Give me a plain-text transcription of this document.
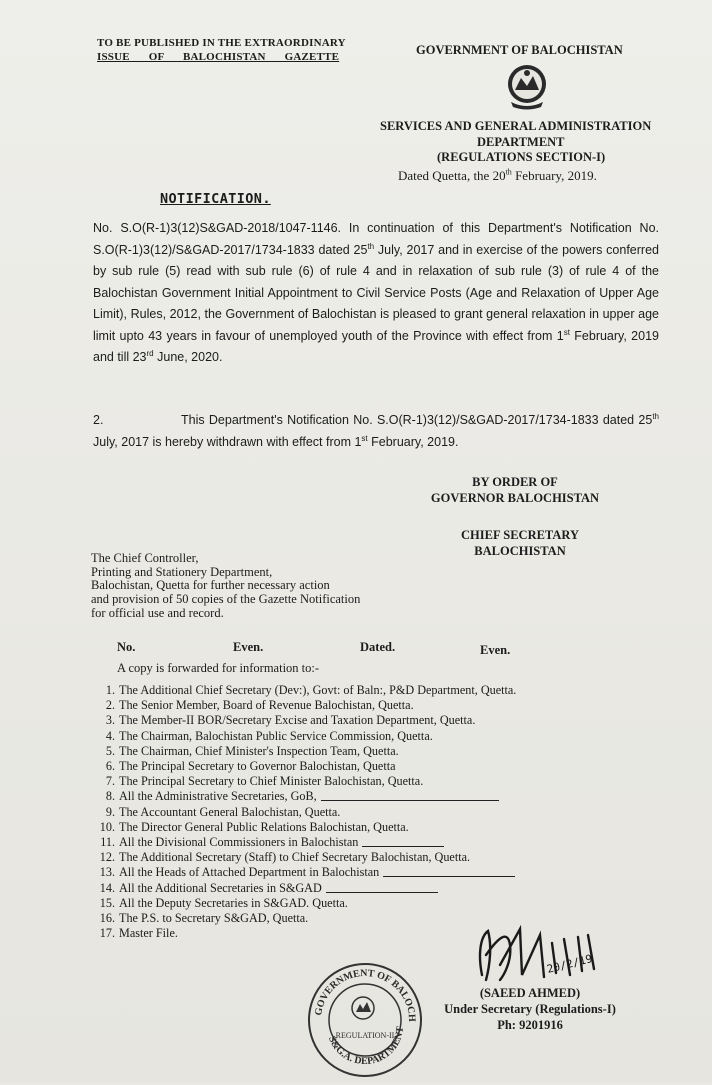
TO BE PUBLISHED IN THE EXTRAORDINARY
ISSUE OF BALOCHISTAN GAZETTE	GOVERNMENT OF BALOCHISTAN
SERVICES AND GENERAL ADMINISTRATION
DEPARTMENT
(REGULATIONS SECTION-I)
Dated Quetta, the 20th February, 2019.
NOTIFICATION.
No. S.O(R-1)3(12)S&GAD-2018/1047-1146. In continuation of this Department's Notification No. S.O(R-1)3(12)/S&GAD-2017/1734-1833 dated 25th July, 2017 and in exercise of the powers conferred by sub rule (5) read with sub rule (6) of rule 4 and in relaxation of sub rule (3) of rule 4 of the Balochistan Government Initial Appointment to Civil Service Posts (Age and Relaxation of Upper Age Limit), Rules, 2012, the Government of Balochistan is pleased to grant general relaxation in upper age limit upto 43 years in favour of unemployed youth of the Province with effect from 1st February, 2019 and till 23rd June, 2020.
2.	This Department's Notification No. S.O(R-1)3(12)/S&GAD-2017/1734-1833 dated 25th July, 2017 is hereby withdrawn with effect from 1st February, 2019.
BY ORDER OF
GOVERNOR BALOCHISTAN
CHIEF SECRETARY
BALOCHISTAN
The Chief Controller,
Printing and Stationery Department,
Balochistan, Quetta for further necessary action
and provision of 50 copies of the Gazette Notification
for official use and record.
No.	Even.	Dated.	Even.
A copy is forwarded for information to:-
1. The Additional Chief Secretary (Dev:), Govt: of Baln:, P&D Department, Quetta.
2. The Senior Member, Board of Revenue Balochistan, Quetta.
3. The Member-II BOR/Secretary Excise and Taxation Department, Quetta.
4. The Chairman, Balochistan Public Service Commission, Quetta.
5. The Chairman, Chief Minister's Inspection Team, Quetta.
6. The Principal Secretary to Governor Balochistan, Quetta
7. The Principal Secretary to Chief Minister Balochistan, Quetta.
8. All the Administrative Secretaries, GoB,
9. The Accountant General Balochistan, Quetta.
10. The Director General Public Relations Balochistan, Quetta.
11. All the Divisional Commissioners in Balochistan
12. The Additional Secretary (Staff) to Chief Secretary Balochistan, Quetta.
13. All the Heads of Attached Department in Balochistan
14. All the Additional Secretaries in S&GAD
15. All the Deputy Secretaries in S&GAD. Quetta.
16. The P.S. to Secretary S&GAD, Quetta.
17. Master File.
20/2/19
GOVERNMENT OF BALOCH
S&G.A. DEPARTMENT
REGULATION-II
(SAEED AHMED)
Under Secretary (Regulations-I)
Ph: 9201916
